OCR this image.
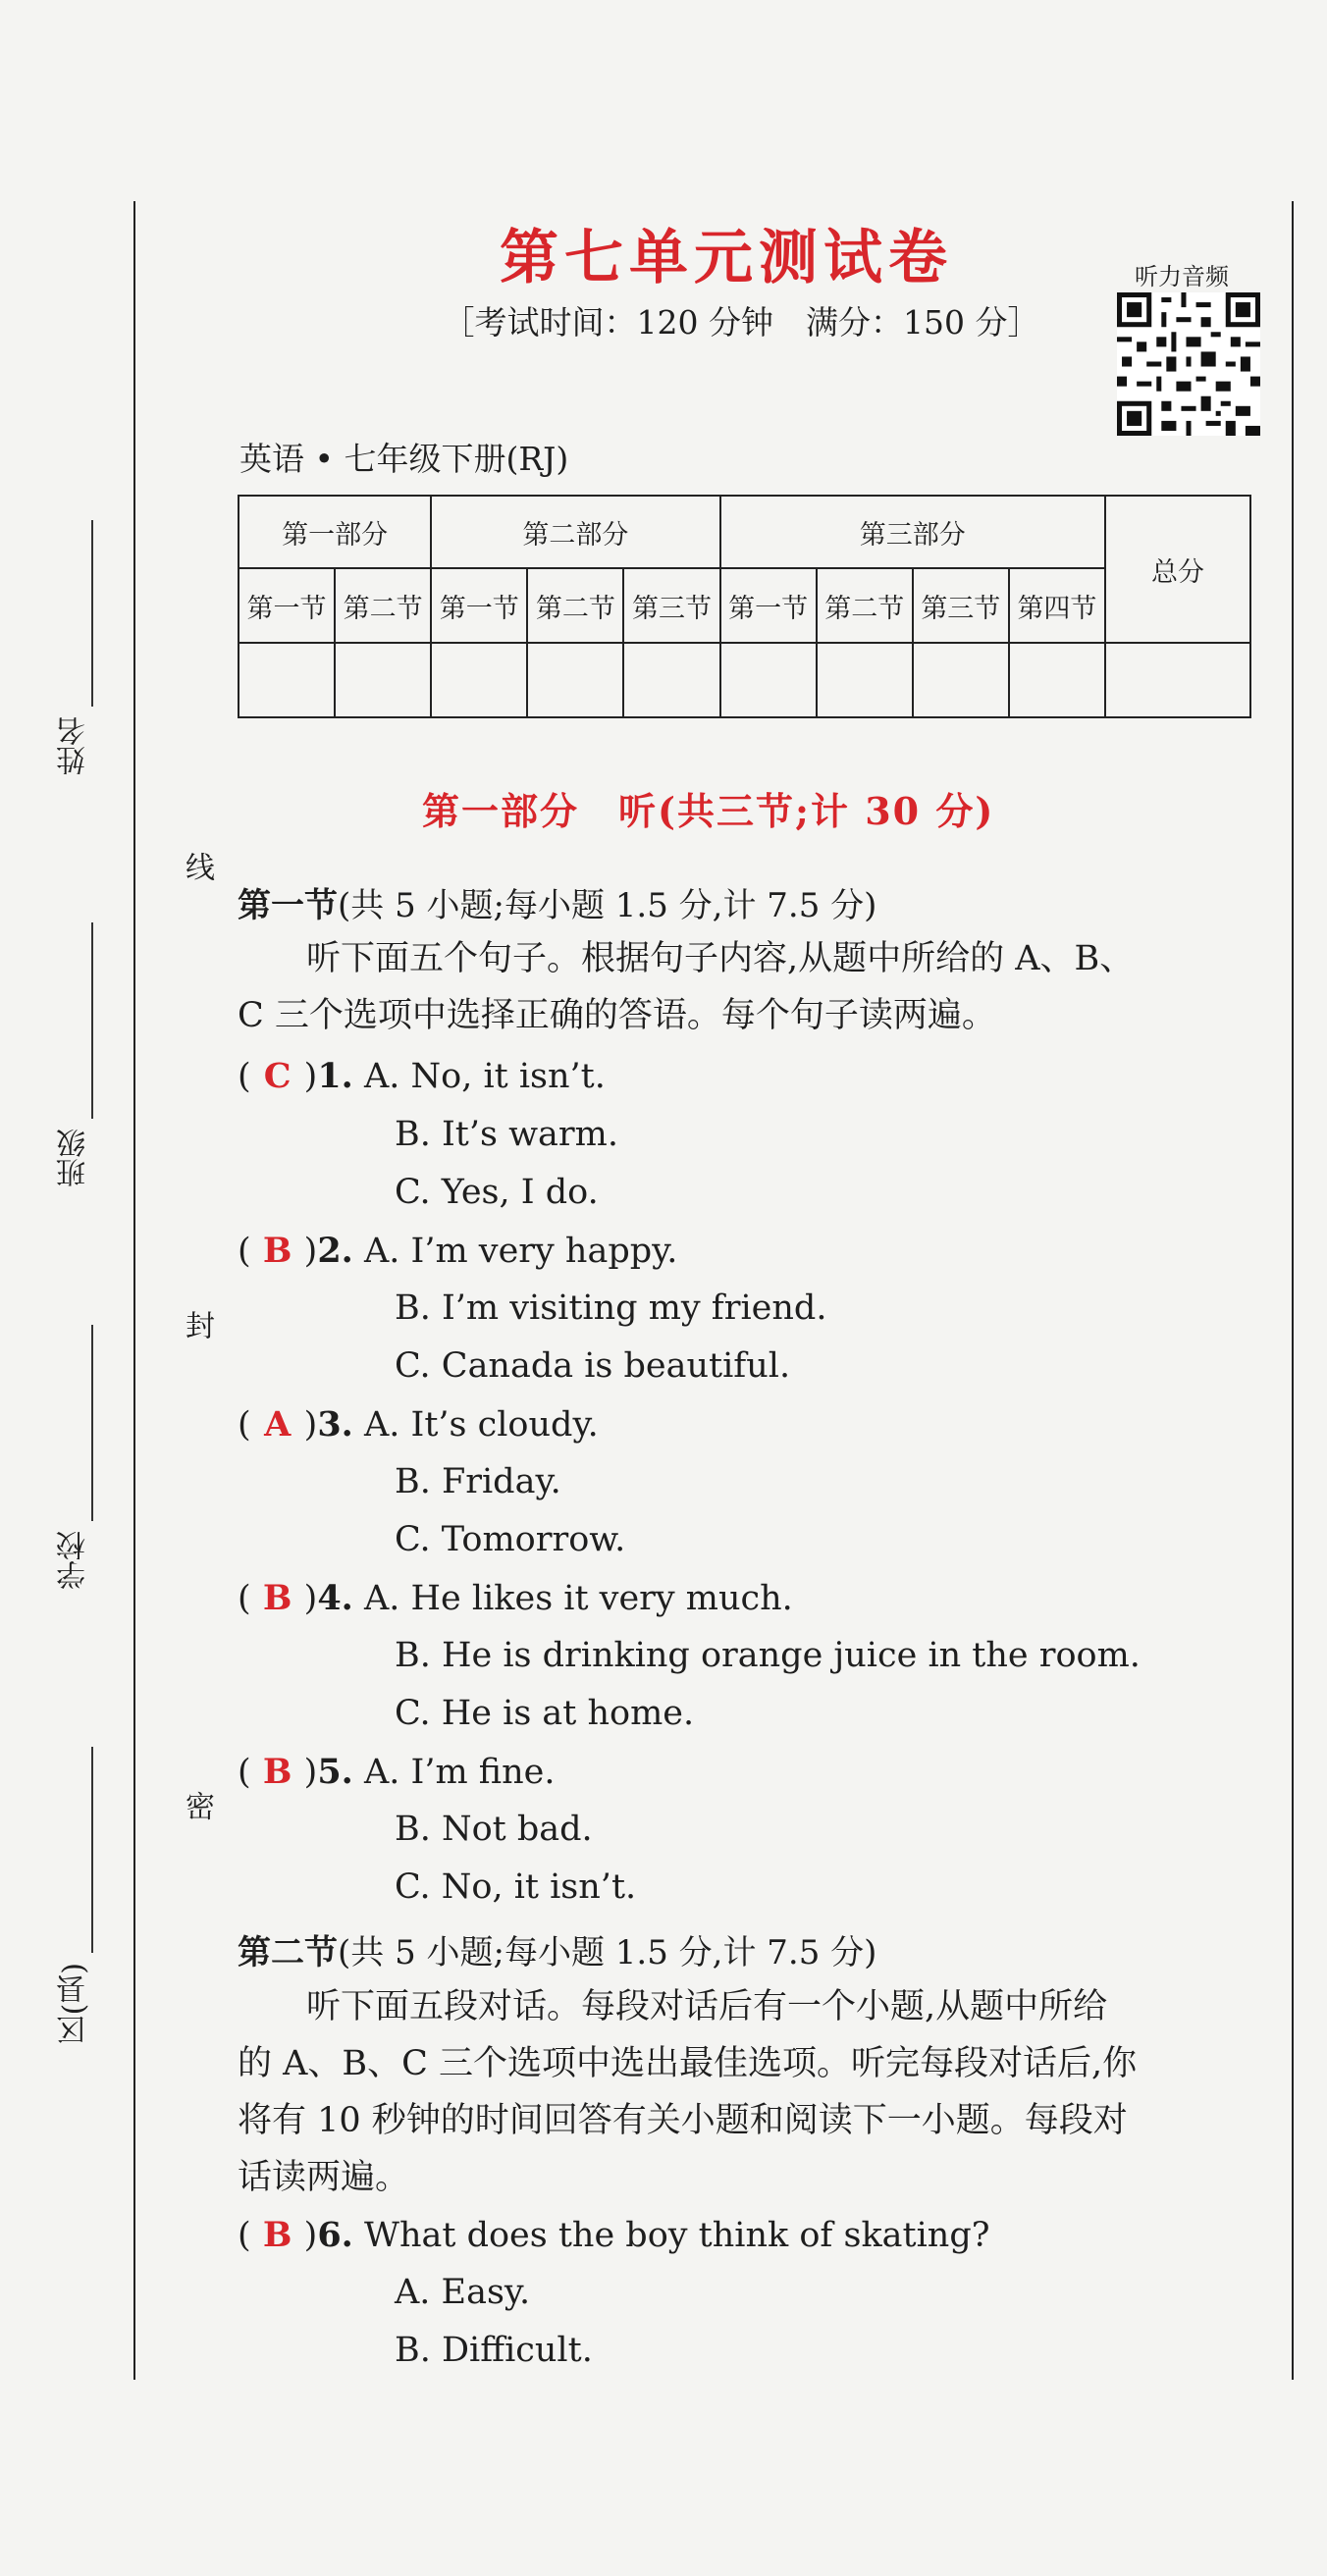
姓名
班级
学校
区(县)
线
封
密
第七单元测试卷
［考试时间：120 分钟　满分：150 分］
听力音频
英语 • 七年级下册(RJ)
第一部分		第二部分			第三部分				总分
第一节	第二节	第一节	第二节	第三节	第一节	第二节	第三节	第四节	

第一部分　听(共三节;计 30 分)
第一节(共 5 小题;每小题 1.5 分,计 7.5 分)
听下面五个句子。根据句子内容,从题中所给的 A、B、
C 三个选项中选择正确的答语。每个句子读两遍。
( C )1. A. No, it isn’t.
B. It’s warm.
C. Yes, I do.
( B )2. A. I’m very happy.
B. I’m visiting my friend.
C. Canada is beautiful.
( A )3. A. It’s cloudy.
B. Friday.
C. Tomorrow.
( B )4. A. He likes it very much.
B. He is drinking orange juice in the room.
C. He is at home.
( B )5. A. I’m fine.
B. Not bad.
C. No, it isn’t.
第二节(共 5 小题;每小题 1.5 分,计 7.5 分)
听下面五段对话。每段对话后有一个小题,从题中所给
的 A、B、C 三个选项中选出最佳选项。听完每段对话后,你
将有 10 秒钟的时间回答有关小题和阅读下一小题。每段对
话读两遍。
( B )6. What does the boy think of skating?
A. Easy.
B. Difficult.
